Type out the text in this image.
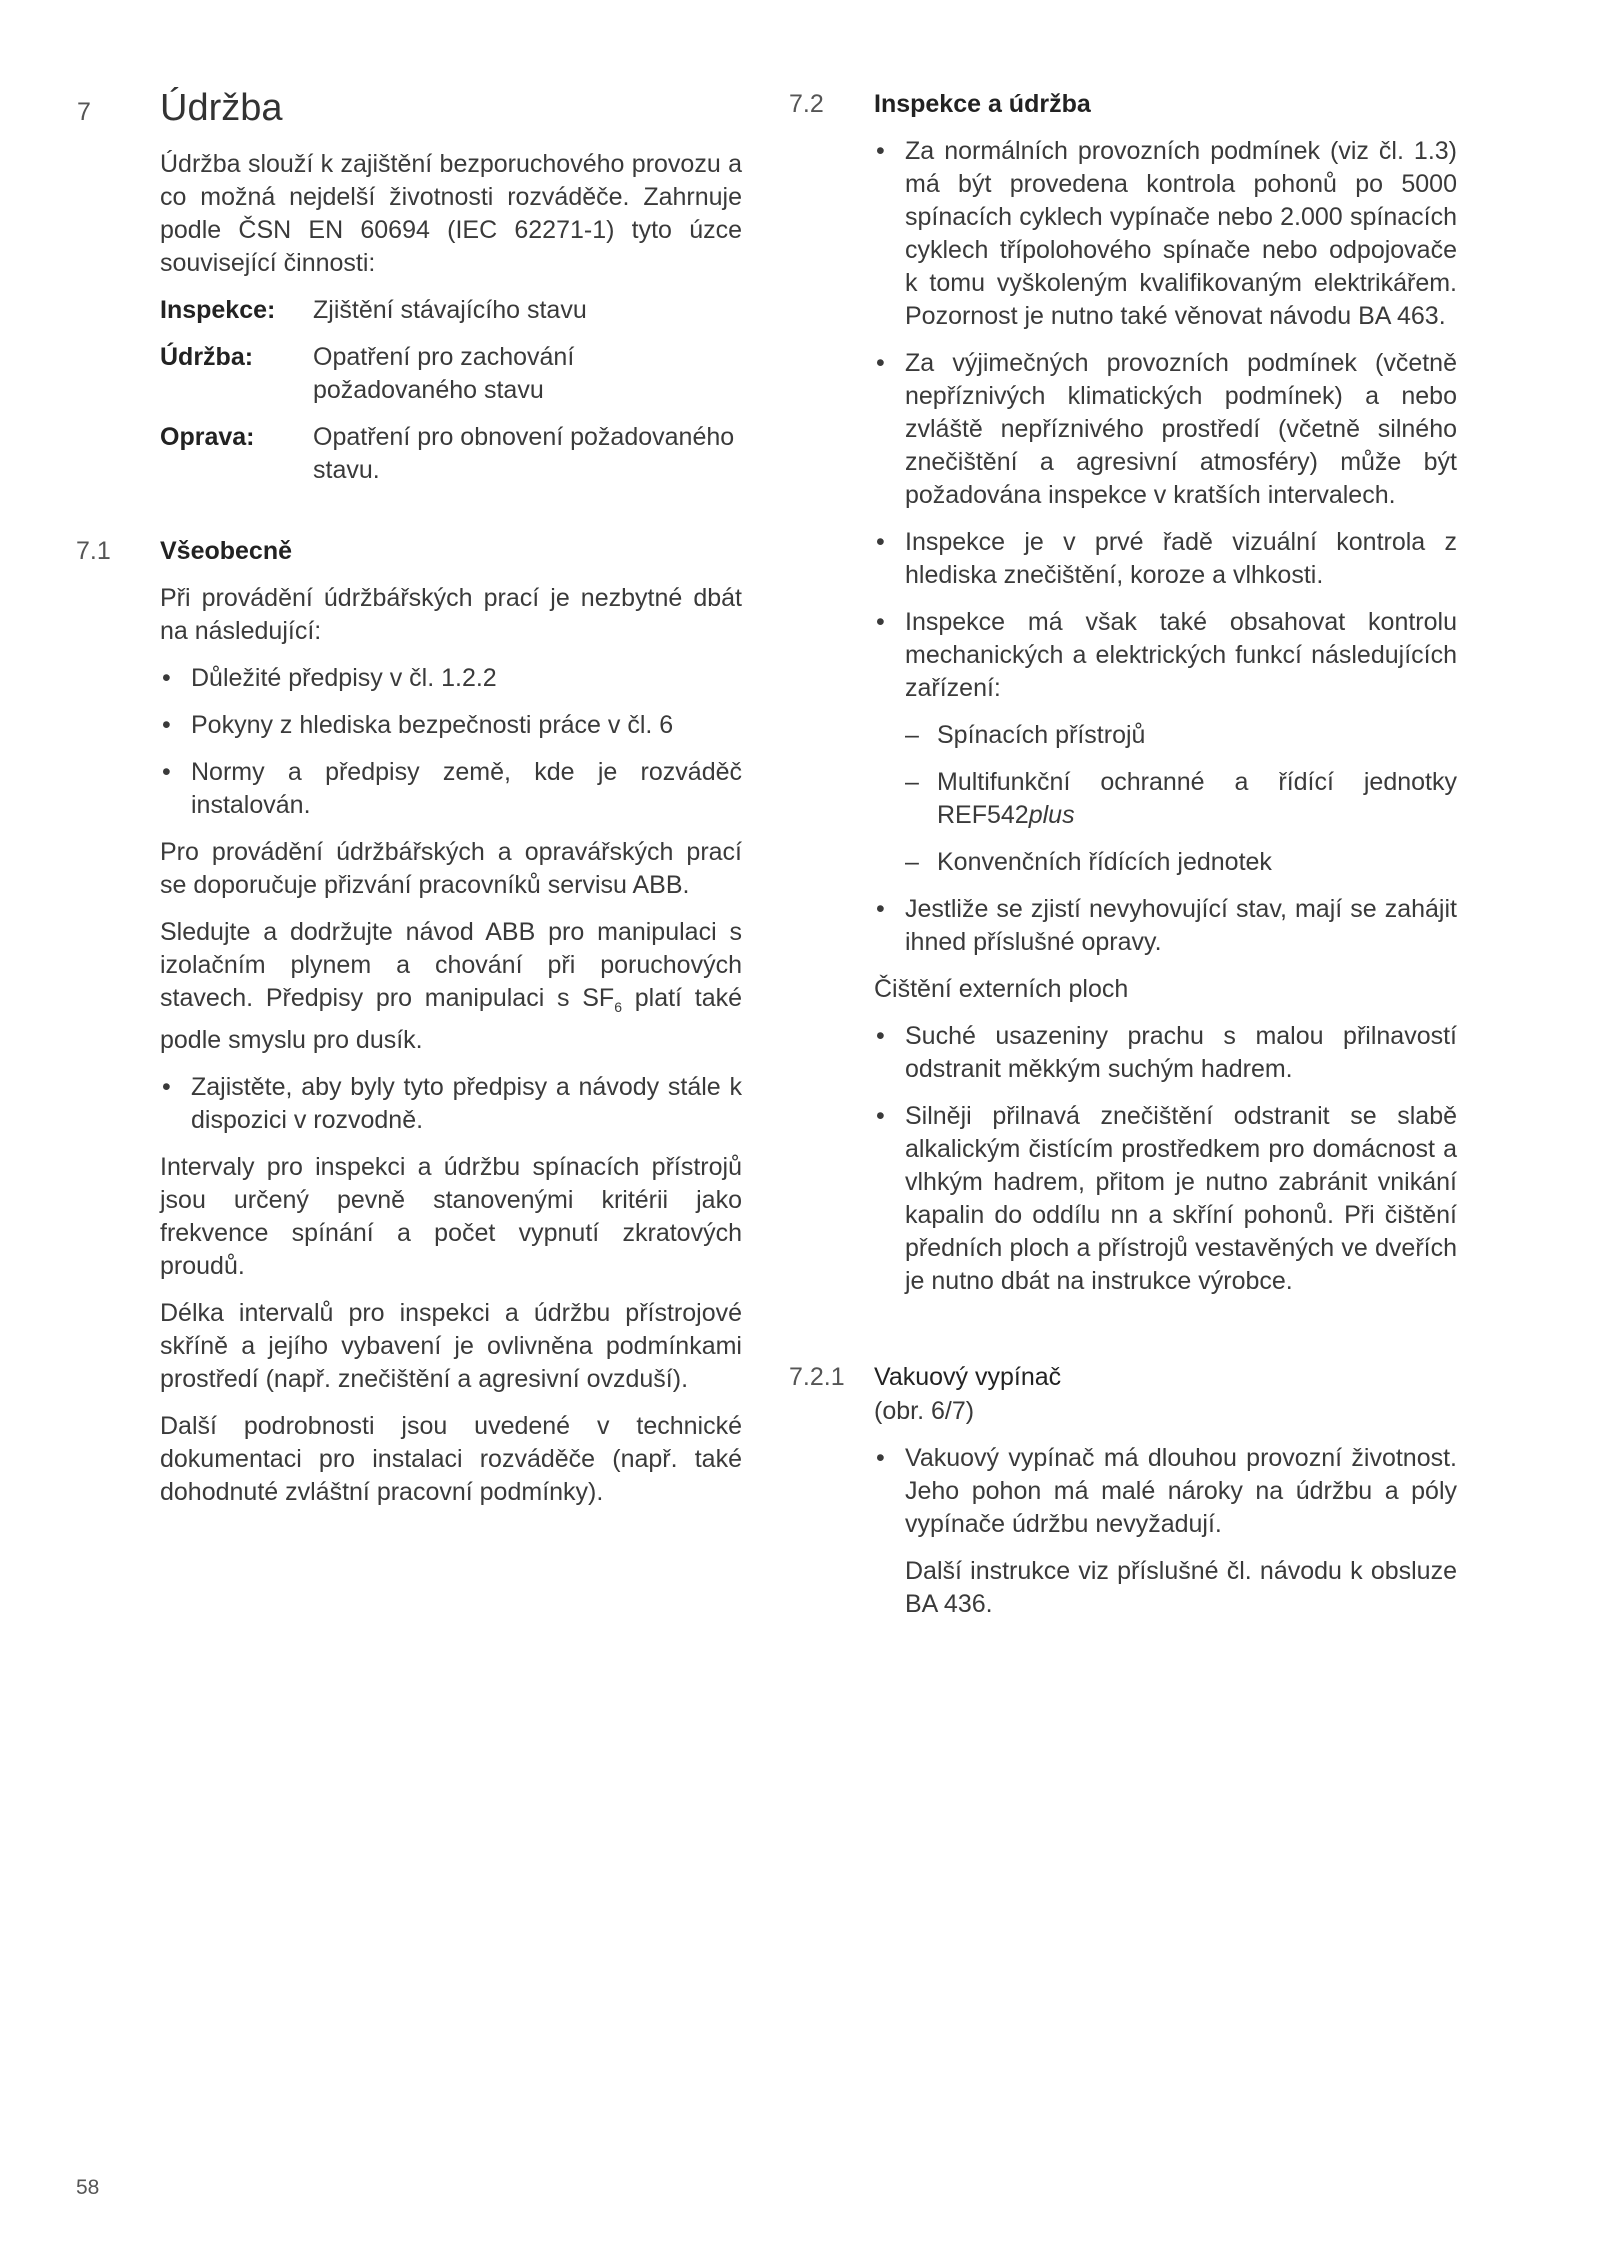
7 Údržba

Údržba slouží k zajištění bezporuchového provozu a co možná nejdelší životnosti rozváděče. Zahrnuje podle ČSN EN 60694 (IEC 62271-1) tyto úzce související činnosti:

Inspekce:	Zjištění stávajícího stavu
Údržba:	Opatření pro zachování požadovaného stavu
Oprava:	Opatření pro obnovení požadovaného stavu.
7.1 Všeobecně

Při provádění údržbářských prací je nezbytné dbát na následující:

• Důležité předpisy v čl. 1.2.2
• Pokyny z hlediska bezpečnosti práce v čl. 6
• Normy a předpisy země, kde je rozváděč instalován.

Pro provádění údržbářských a opravářských prací se doporučuje přizvání pracovníků servisu ABB.

Sledujte a dodržujte návod ABB pro manipulaci s izolačním plynem a chování při poruchových stavech. Předpisy pro manipulaci s $SF_6$ platí také podle smyslu pro dusík.

• Zajistěte, aby byly tyto předpisy a návody stále k dispozici v rozvodně.

Intervaly pro inspekci a údržbu spínacích přístrojů jsou určený pevně stanovenými kritérii jako frekvence spínání a počet vypnutí zkratových proudů.

Délka intervalů pro inspekci a údržbu přístrojové skříně a jejího vybavení je ovlivněna podmínkami prostředí (např. znečištění a agresivní ovzduší).

Další podrobnosti jsou uvedené v technické dokumentaci pro instalaci rozváděče (např. také dohodnuté zvláštní pracovní podmínky).

7.2 Inspekce a údržba
• Za normálních provozních podmínek (viz čl. 1.3) má být provedena kontrola pohonů po 5000 spínacích cyklech vypínače nebo 2.000 spínacích cyklech třípolohového spínače nebo odpojovače k tomu vyškoleným kvalifikovaným elektrikářem. Pozornost je nutno také věnovat návodu BA 463.
• Za výjimečných provozních podmínek (včetně nepříznivých klimatických podmínek) a nebo zvláště nepříznivého prostředí (včetně silného znečištění a agresivní atmosféry) může být požadována inspekce v kratších intervalech.
• Inspekce je v prvé řadě vizuální kontrola z hlediska znečištění, koroze a vlhkosti.
• Inspekce má však také obsahovat kontrolu mechanických a elektrických funkcí následujících zařízení:
– Spínacích přístrojů
– Multifunkční ochranné a řídící jednotky REF542plus
– Konvenčních řídících jednotek
• Jestliže se zjistí nevyhovující stav, mají se zahájit ihned příslušné opravy.

Čištění externích ploch

• Suché usazeniny prachu s malou přilnavostí odstranit měkkým suchým hadrem.
• Silněji přilnavá znečištění odstranit se slabě alkalickým čistícím prostředkem pro domácnost a vlhkým hadrem, přitom je nutno zabránit vnikání kapalin do oddílu nn a skříní pohonů. Při čištění předních ploch a přístrojů vestavěných ve dveřích je nutno dbát na instrukce výrobce.
7.2.1 Vakuový vypínač

(obr. 6/7)

• Vakuový vypínač má dlouhou provozní životnost. Jeho pohon má malé nároky na údržbu a póly vypínače údržbu nevyžadují.

Další instrukce viz příslušné čl. návodu k obsluze BA 436.

58
